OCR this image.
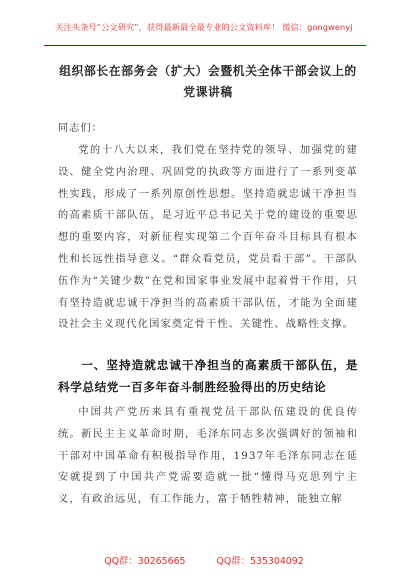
关注头条号“公文研究”，获得最新最全最专业的公文资料库！ 微信：gongwenyj
组织部长在部务会（扩大）会暨机关全体干部会议上的党课讲稿

同志们：

党的十八大以来，我们党在坚持党的领导、加强党的建设、健全党内治理、巩固党的执政等方面进行了一系列变革性实践，形成了一系列原创性思想。坚持造就忠诚干净担当的高素质干部队伍，是习近平总书记关于党的建设的重要思想的重要内容，对新征程实现第二个百年奋斗目标具有根本性和长远性指导意义。“群众看党员，党员看干部”。干部队伍作为“关键少数”在党和国家事业发展中起着骨干作用，只有坚持造就忠诚干净担当的高素质干部队伍，才能为全面建设社会主义现代化国家奠定骨干性、关键性、战略性支撑。

一、坚持造就忠诚干净担当的高素质干部队伍，是科学总结党一百多年奋斗制胜经验得出的历史结论

中国共产党历来具有重视党员干部队伍建设的优良传统。新民主主义革命时期，毛泽东同志多次强调好的领袖和干部对中国革命有积极指导作用，1937年毛泽东同志在延安就提到了中国共产党需要造就一批“懂得马克思列宁主义，有政治远见，有工作能力，富于牺牲精神，能独立解

QQ群：30265665	QQ群：535304092
